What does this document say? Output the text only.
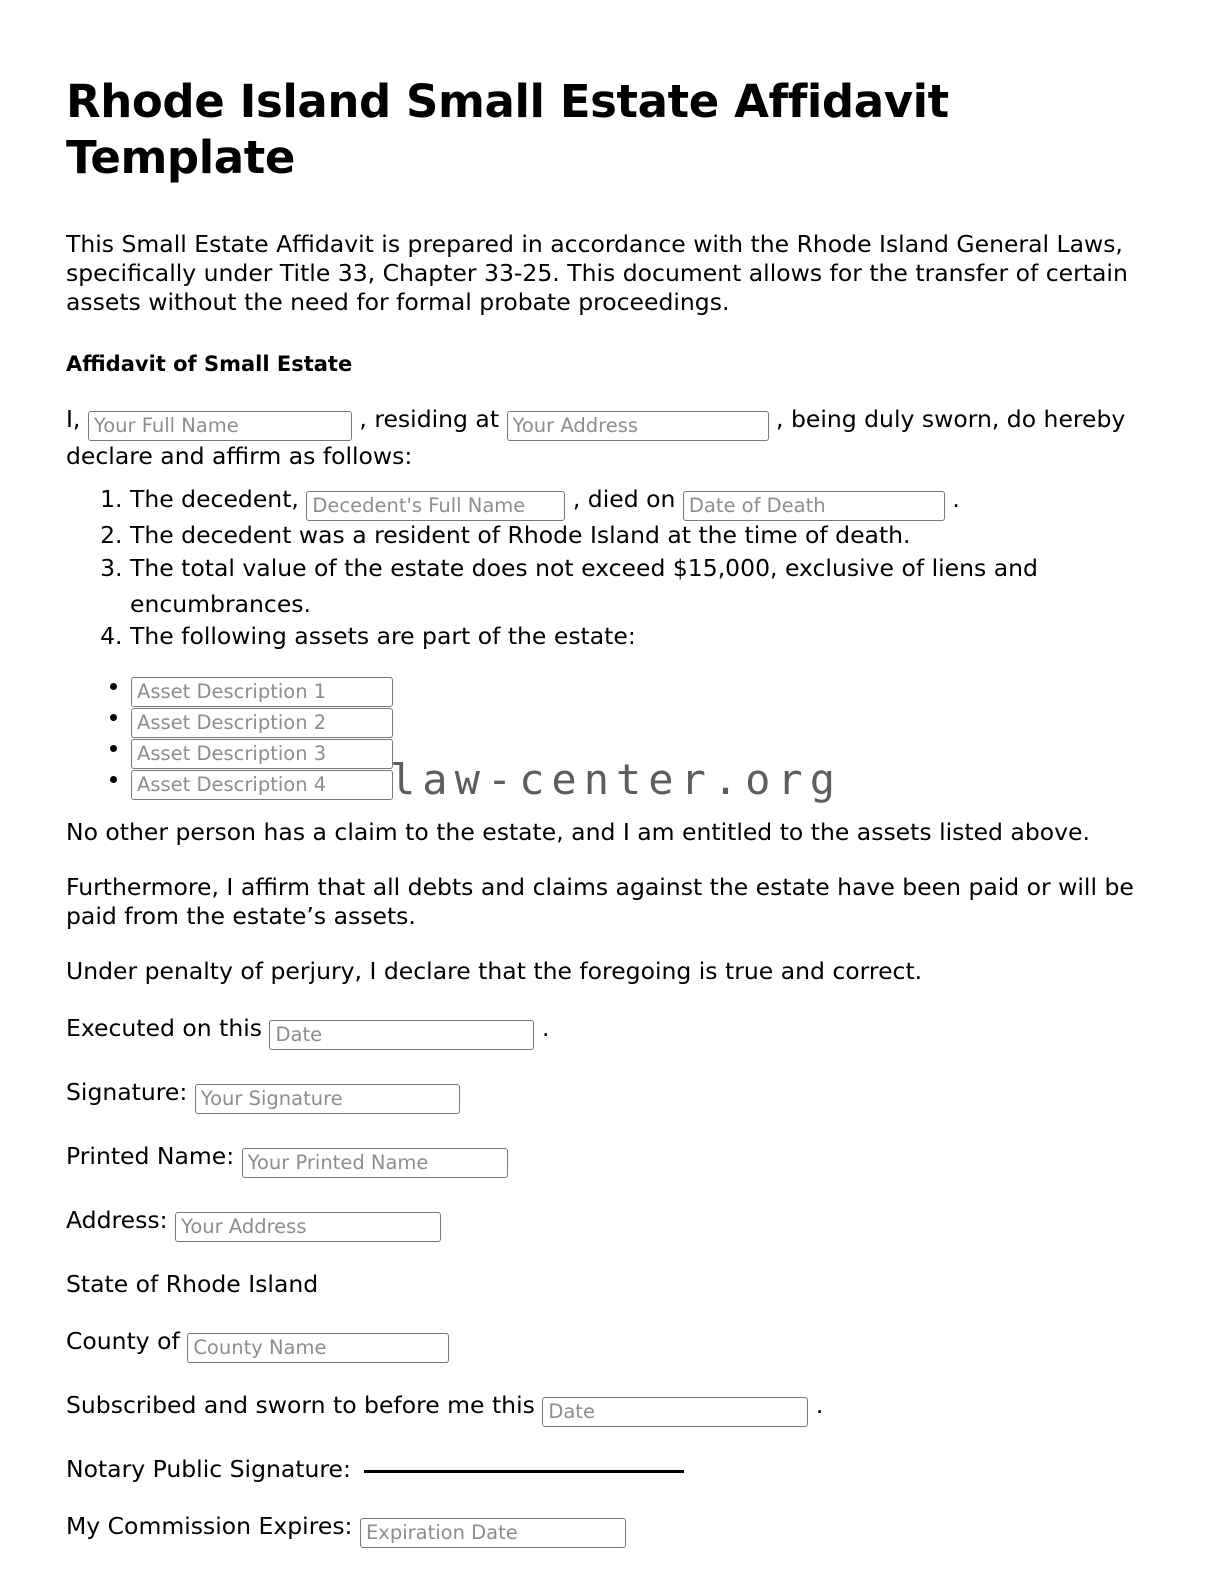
Rhode Island Small Estate Affidavit Template

This Small Estate Affidavit is prepared in accordance with the Rhode Island General Laws, specifically under Title 33, Chapter 33-25. This document allows for the transfer of certain assets without the need for formal probate proceedings.

Affidavit of Small Estate
I, Your Full Name	, residing at Your Address	, being duly sworn, do hereby declare and affirm as follows:
1. The decedent, Decedent's Full Name	, died on Date of Death	.
2. The decedent was a resident of Rhode Island at the time of death.
3. The total value of the estate does not exceed $15,000, exclusive of liens and encumbrances.
4. The following assets are part of the estate:
• Asset Description 1
• Asset Description 2
• Asset Description 3
• Asset Description 4

No other person has a claim to the estate, and I am entitled to the assets listed above.

Furthermore, I affirm that all debts and claims against the estate have been paid or will be paid from the estate’s assets.

Under penalty of perjury, I declare that the foregoing is true and correct.

Executed on this Date	.
Signature: Your Signature
Printed Name: Your Printed Name
Address: Your Address
State of Rhode Island
County of County Name
Subscribed and sworn to before me this Date	.
Notary Public Signature:
My Commission Expires: Expiration Date
law-center.org
